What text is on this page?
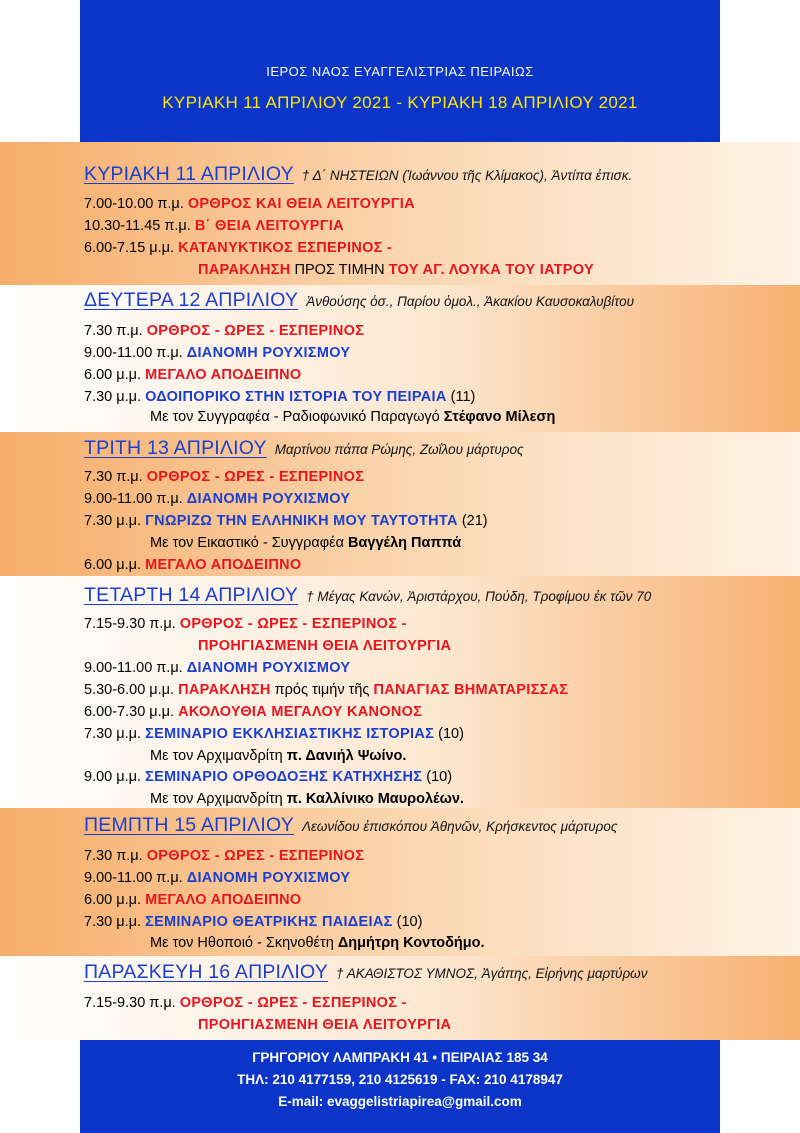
ΙΕΡΟΣ ΝΑΟΣ ΕΥΑΓΓΕΛΙΣΤΡΙΑΣ ΠΕΙΡΑΙΩΣ
ΚΥΡΙΑΚΗ 11 ΑΠΡΙΛΙΟΥ 2021 - ΚΥΡΙΑΚΗ 18 ΑΠΡΙΛΙΟΥ 2021
ΚΥΡΙΑΚΗ 11 ΑΠΡΙΛΙΟΥ † Δ΄ ΝΗΣΤΕΙΩΝ (Ἰωάννου τῆς Κλίμακος), Ἀντίπα ἐπισκ.
7.00-10.00 π.μ. ΟΡΘΡΟΣ ΚΑΙ ΘΕΙΑ ΛΕΙΤΟΥΡΓΙΑ
10.30-11.45 π.μ. Β΄ ΘΕΙΑ ΛΕΙΤΟΥΡΓΙΑ
6.00-7.15 μ.μ. ΚΑΤΑΝΥΚΤΙΚΟΣ ΕΣΠΕΡΙΝΟΣ -
ΠΑΡΑΚΛΗΣΗ ΠΡΟΣ ΤΙΜΗΝ ΤΟΥ ΑΓ. ΛΟΥΚΑ ΤΟΥ ΙΑΤΡΟΥ
ΔΕΥΤΕΡΑ 12 ΑΠΡΙΛΙΟΥ Ἀνθούσης ὁσ., Παρίου ὁμολ., Ἀκακίου Καυσοκαλυβίτου
7.30 π.μ. ΟΡΘΡΟΣ - ΩΡΕΣ - ΕΣΠΕΡΙΝΟΣ
9.00-11.00 π.μ. ΔΙΑΝΟΜΗ ΡΟΥΧΙΣΜΟΥ
6.00 μ.μ. ΜΕΓΑΛΟ ΑΠΟΔΕΙΠΝΟ
7.30 μ.μ. ΟΔΟΙΠΟΡΙΚΟ ΣΤΗΝ ΙΣΤΟΡΙΑ ΤΟΥ ΠΕΙΡΑΙΑ (11)
Με τον Συγγραφέα - Ραδιοφωνικό Παραγωγό Στέφανο Μίλεση
ΤΡΙΤΗ 13 ΑΠΡΙΛΙΟΥ Μαρτίνου πάπα Ρώμης, Ζωΐλου μάρτυρος
7.30 π.μ. ΟΡΘΡΟΣ - ΩΡΕΣ - ΕΣΠΕΡΙΝΟΣ
9.00-11.00 π.μ. ΔΙΑΝΟΜΗ ΡΟΥΧΙΣΜΟΥ
7.30 μ.μ. ΓΝΩΡΙΖΩ ΤΗΝ ΕΛΛΗΝΙΚΗ ΜΟΥ ΤΑΥΤΟΤΗΤΑ (21)
Με τον Εικαστικό - Συγγραφέα Βαγγέλη Παππά
6.00 μ.μ. ΜΕΓΑΛΟ ΑΠΟΔΕΙΠΝΟ
ΤΕΤΑΡΤΗ 14 ΑΠΡΙΛΙΟΥ † Μέγας Κανών, Ἀριστάρχου, Πούδη, Τροφίμου ἐκ τῶν 70
7.15-9.30 π.μ. ΟΡΘΡΟΣ - ΩΡΕΣ - ΕΣΠΕΡΙΝΟΣ -
ΠΡΟΗΓΙΑΣΜΕΝΗ ΘΕΙΑ ΛΕΙΤΟΥΡΓΙΑ
9.00-11.00 π.μ. ΔΙΑΝΟΜΗ ΡΟΥΧΙΣΜΟΥ
5.30-6.00 μ.μ. ΠΑΡΑΚΛΗΣΗ πρός τιμήν τῆς ΠΑΝΑΓΙΑΣ ΒΗΜΑΤΑΡΙΣΣΑΣ
6.00-7.30 μ.μ. ΑΚΟΛΟΥΘΙΑ ΜΕΓΑΛΟΥ ΚΑΝΟΝΟΣ
7.30 μ.μ. ΣΕΜΙΝΑΡΙΟ ΕΚΚΛΗΣΙΑΣΤΙΚΗΣ ΙΣΤΟΡΙΑΣ (10)
Με τον Αρχιμανδρίτη π. Δανιήλ Ψωίνο.
9.00 μ.μ. ΣΕΜΙΝΑΡΙΟ ΟΡΘΟΔΟΞΗΣ ΚΑΤΗΧΗΣΗΣ (10)
Με τον Αρχιμανδρίτη π. Καλλίνικο Μαυρολέων.
ΠΕΜΠΤΗ 15 ΑΠΡΙΛΙΟΥ Λεωνίδου ἐπισκόπου Ἀθηνῶν, Κρήσκεντος μάρτυρος
7.30 π.μ. ΟΡΘΡΟΣ - ΩΡΕΣ - ΕΣΠΕΡΙΝΟΣ
9.00-11.00 π.μ. ΔΙΑΝΟΜΗ ΡΟΥΧΙΣΜΟΥ
6.00 μ.μ. ΜΕΓΑΛΟ ΑΠΟΔΕΙΠΝΟ
7.30 μ.μ. ΣΕΜΙΝΑΡΙΟ ΘΕΑΤΡΙΚΗΣ ΠΑΙΔΕΙΑΣ (10)
Με τον Ηθοποιό - Σκηνοθέτη Δημήτρη Κοντοδήμο.
ΠΑΡΑΣΚΕΥΗ 16 ΑΠΡΙΛΙΟΥ † ΑΚΑΘΙΣΤΟΣ ΥΜΝΟΣ, Ἀγάπης, Εἰρήνης μαρτύρων
7.15-9.30 π.μ. ΟΡΘΡΟΣ - ΩΡΕΣ - ΕΣΠΕΡΙΝΟΣ -
ΠΡΟΗΓΙΑΣΜΕΝΗ ΘΕΙΑ ΛΕΙΤΟΥΡΓΙΑ
ΓΡΗΓΟΡΙΟΥ ΛΑΜΠΡΑΚΗ 41 • ΠΕΙΡΑΙΑΣ 185 34
ΤΗΛ: 210 4177159, 210 4125619 - FAX: 210 4178947
E-mail: evaggelistriapirea@gmail.com
